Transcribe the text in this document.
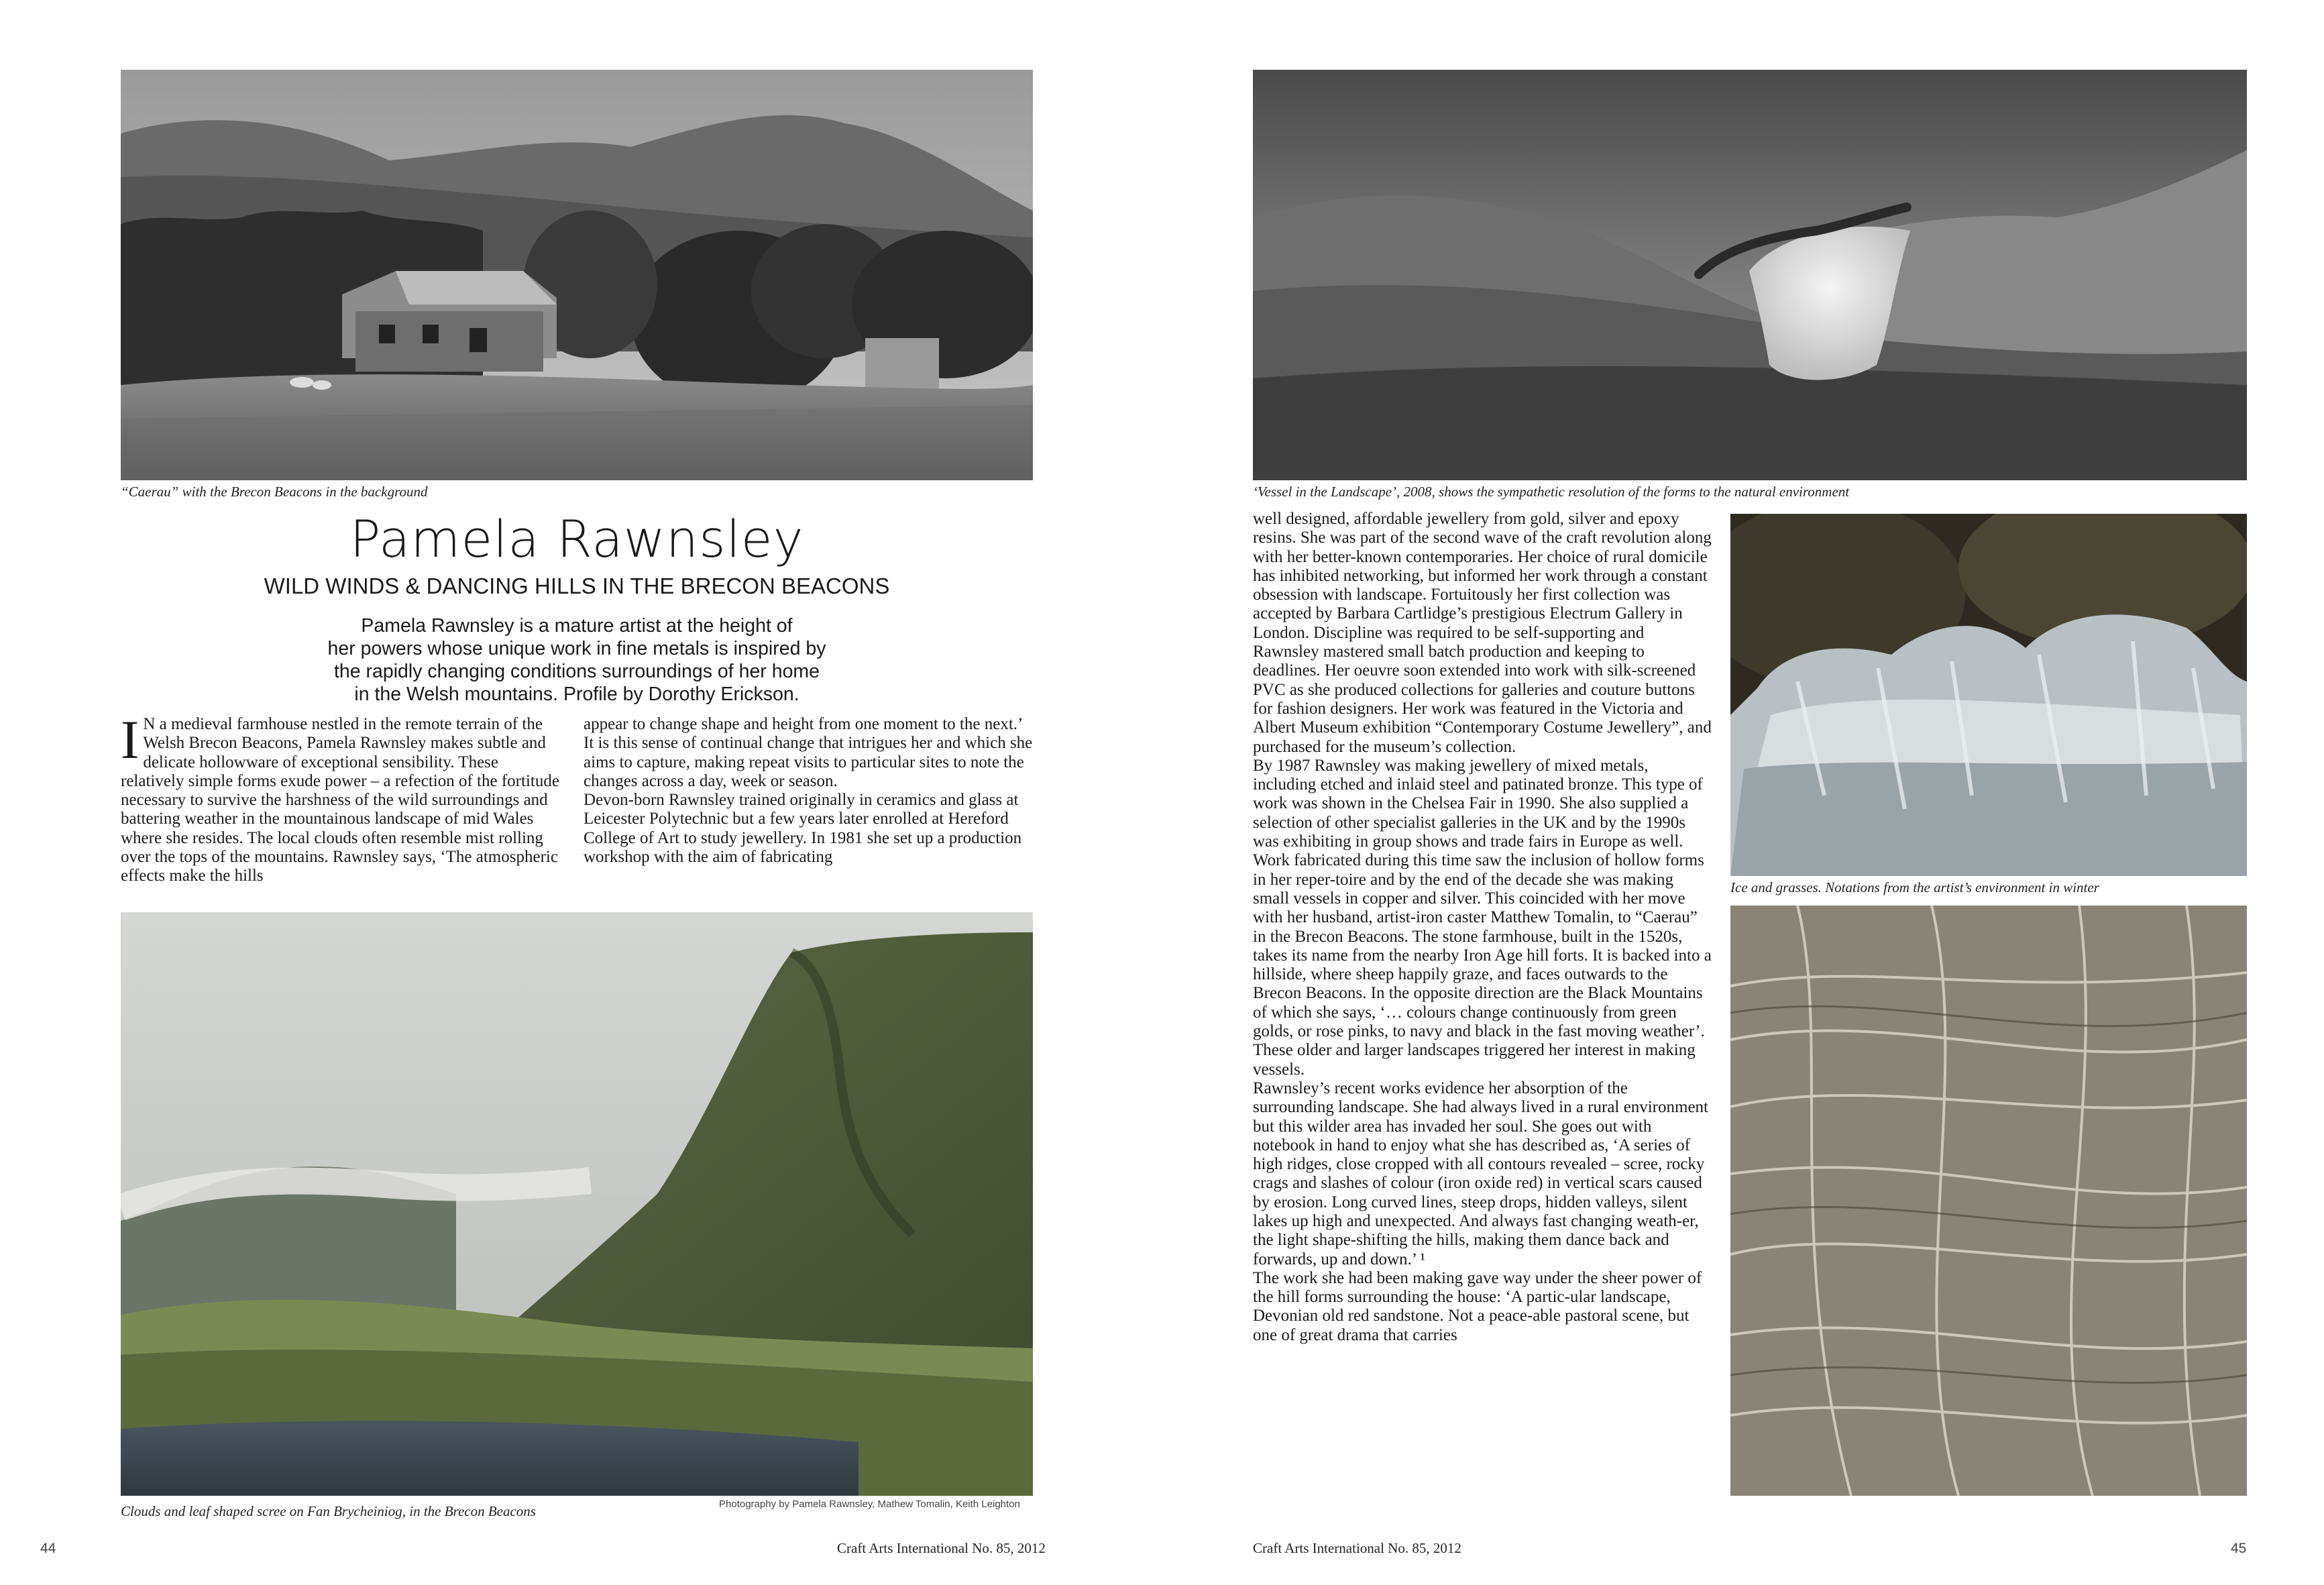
“Caerau” with the Brecon Beacons in the background
Pamela Rawnsley
WILD WINDS & DANCING HILLS IN THE BRECON BEACONS
Pamela Rawnsley is a mature artist at the height of
her powers whose unique work in fine metals is inspired by
the rapidly changing conditions surroundings of her home
in the Welsh mountains. Profile by Dorothy Erickson.

I N a medieval farmhouse nestled in the remote terrain of the Welsh Brecon Beacons, Pamela Rawnsley makes subtle and delicate hollowware of exceptional sensibility. These relatively simple forms exude power – a refection of the fortitude necessary to survive the harshness of the wild surroundings and battering weather in the mountainous landscape of mid Wales where she resides. The local clouds often resemble mist rolling over the tops of the mountains. Rawnsley says, ‘The atmospheric effects make the hills

appear to change shape and height from one moment to the next.’ It is this sense of continual change that intrigues her and which she aims to capture, making repeat visits to particular sites to note the changes across a day, week or season.

Devon-born Rawnsley trained originally in ceramics and glass at Leicester Polytechnic but a few years later enrolled at Hereford College of Art to study jewellery. In 1981 she set up a production workshop with the aim of fabricating

Clouds and leaf shaped scree on Fan Brycheiniog, in the Brecon Beacons	Photography by Pamela Rawnsley, Mathew Tomalin, Keith Leighton
44	Craft Arts International No. 85, 2012
‘Vessel in the Landscape’, 2008, shows the sympathetic resolution of the forms to the natural environment

well designed, affordable jewellery from gold, silver and epoxy resins. She was part of the second wave of the craft revolution along with her better-known contemporaries. Her choice of rural domicile has inhibited networking, but informed her work through a constant obsession with landscape. Fortuitously her first collection was accepted by Barbara Cartlidge’s prestigious Electrum Gallery in London. Discipline was required to be self-supporting and Rawnsley mastered small batch production and keeping to deadlines. Her oeuvre soon extended into work with silk-screened PVC as she produced collections for galleries and couture buttons for fashion designers. Her work was featured in the Victoria and Albert Museum exhibition “Contemporary Costume Jewellery”, and purchased for the museum’s collection.

By 1987 Rawnsley was making jewellery of mixed metals, including etched and inlaid steel and patinated bronze. This type of work was shown in the Chelsea Fair in 1990. She also supplied a selection of other specialist galleries in the UK and by the 1990s was exhibiting in group shows and trade fairs in Europe as well. Work fabricated during this time saw the inclusion of hollow forms in her reper-toire and by the end of the decade she was making small vessels in copper and silver. This coincided with her move with her husband, artist-iron caster Matthew Tomalin, to “Caerau” in the Brecon Beacons. The stone farmhouse, built in the 1520s, takes its name from the nearby Iron Age hill forts. It is backed into a hillside, where sheep happily graze, and faces outwards to the Brecon Beacons. In the opposite direction are the Black Mountains of which she says, ‘… colours change continuously from green golds, or rose pinks, to navy and black in the fast moving weather’. These older and larger landscapes triggered her interest in making vessels.

Rawnsley’s recent works evidence her absorption of the surrounding landscape. She had always lived in a rural environment but this wilder area has invaded her soul. She goes out with notebook in hand to enjoy what she has described as, ‘A series of high ridges, close cropped with all contours revealed – scree, rocky crags and slashes of colour (iron oxide red) in vertical scars caused by erosion. Long curved lines, steep drops, hidden valleys, silent lakes up high and unexpected. And always fast changing weath-er, the light shape-shifting the hills, making them dance back and forwards, up and down.’ ¹

The work she had been making gave way under the sheer power of the hill forms surrounding the house: ‘A partic-ular landscape, Devonian old red sandstone. Not a peace-able pastoral scene, but one of great drama that carries

Ice and grasses. Notations from the artist’s environment in winter
Craft Arts International No. 85, 2012	45
